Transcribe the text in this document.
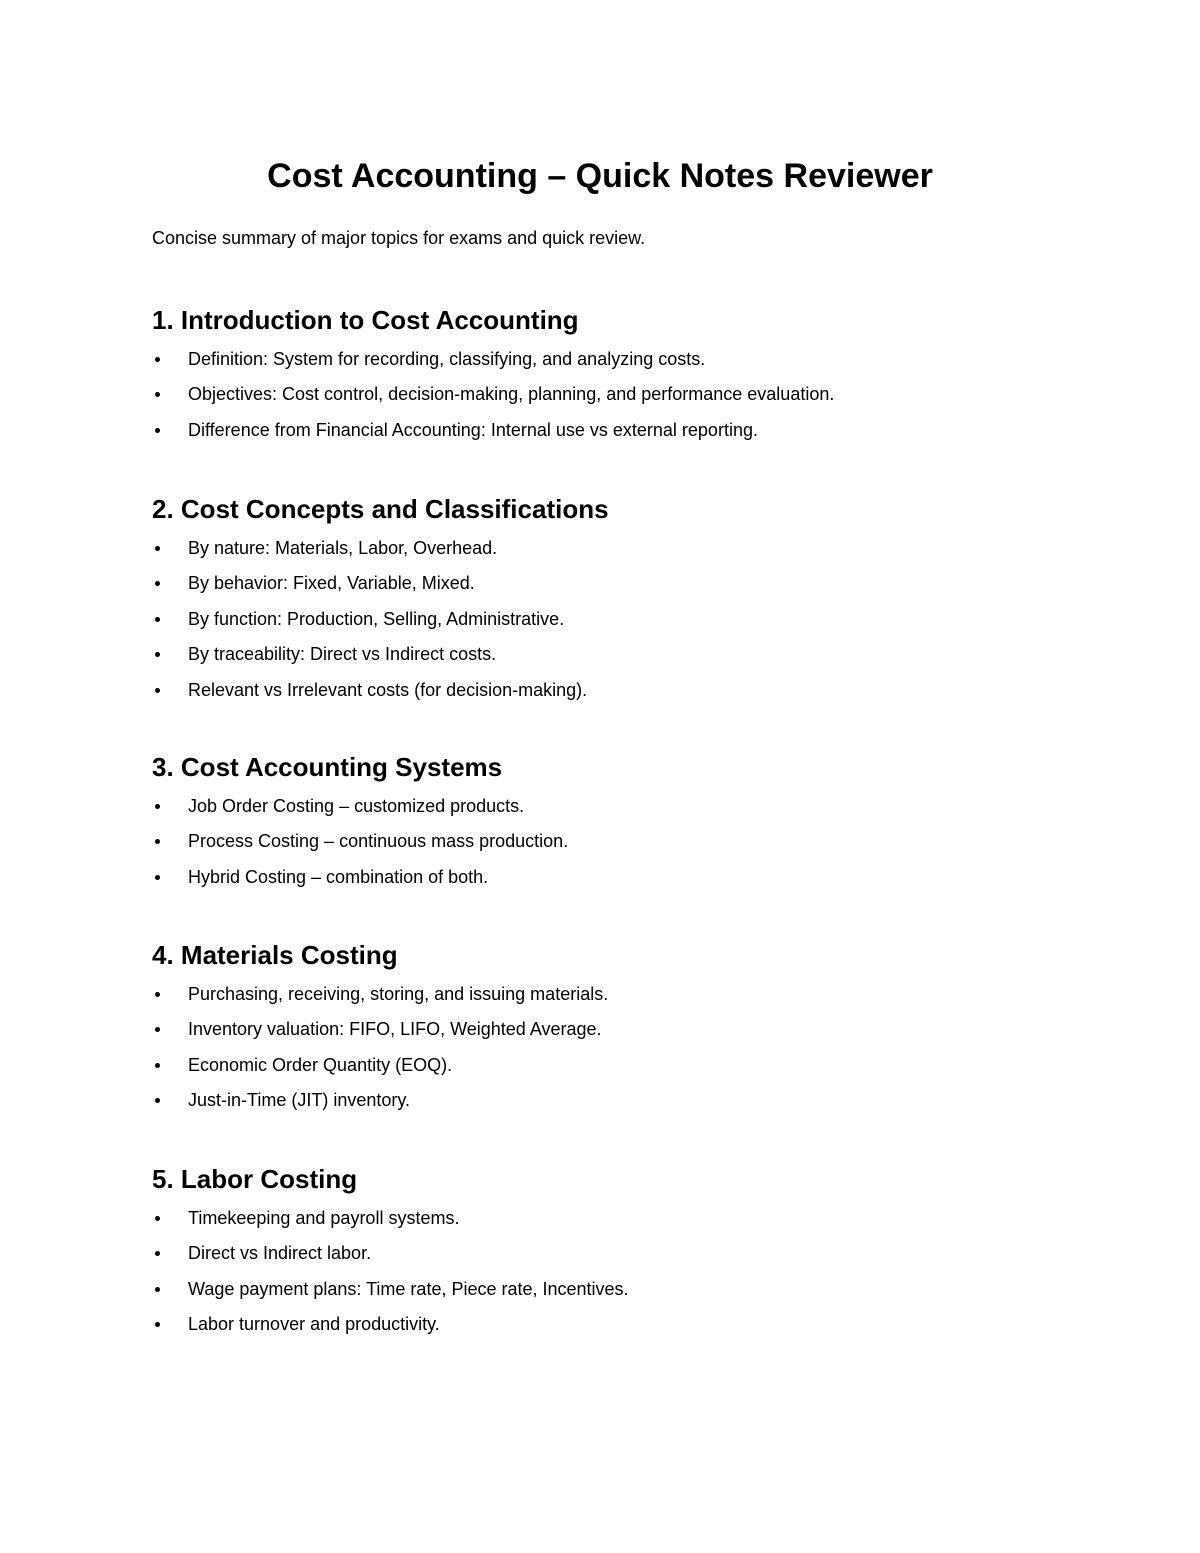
Cost Accounting – Quick Notes Reviewer

Concise summary of major topics for exams and quick review.

1. Introduction to Cost Accounting
Definition: System for recording, classifying, and analyzing costs.
Objectives: Cost control, decision-making, planning, and performance evaluation.
Difference from Financial Accounting: Internal use vs external reporting.
2. Cost Concepts and Classifications
By nature: Materials, Labor, Overhead.
By behavior: Fixed, Variable, Mixed.
By function: Production, Selling, Administrative.
By traceability: Direct vs Indirect costs.
Relevant vs Irrelevant costs (for decision-making).
3. Cost Accounting Systems
Job Order Costing – customized products.
Process Costing – continuous mass production.
Hybrid Costing – combination of both.
4. Materials Costing
Purchasing, receiving, storing, and issuing materials.
Inventory valuation: FIFO, LIFO, Weighted Average.
Economic Order Quantity (EOQ).
Just-in-Time (JIT) inventory.
5. Labor Costing
Timekeeping and payroll systems.
Direct vs Indirect labor.
Wage payment plans: Time rate, Piece rate, Incentives.
Labor turnover and productivity.
